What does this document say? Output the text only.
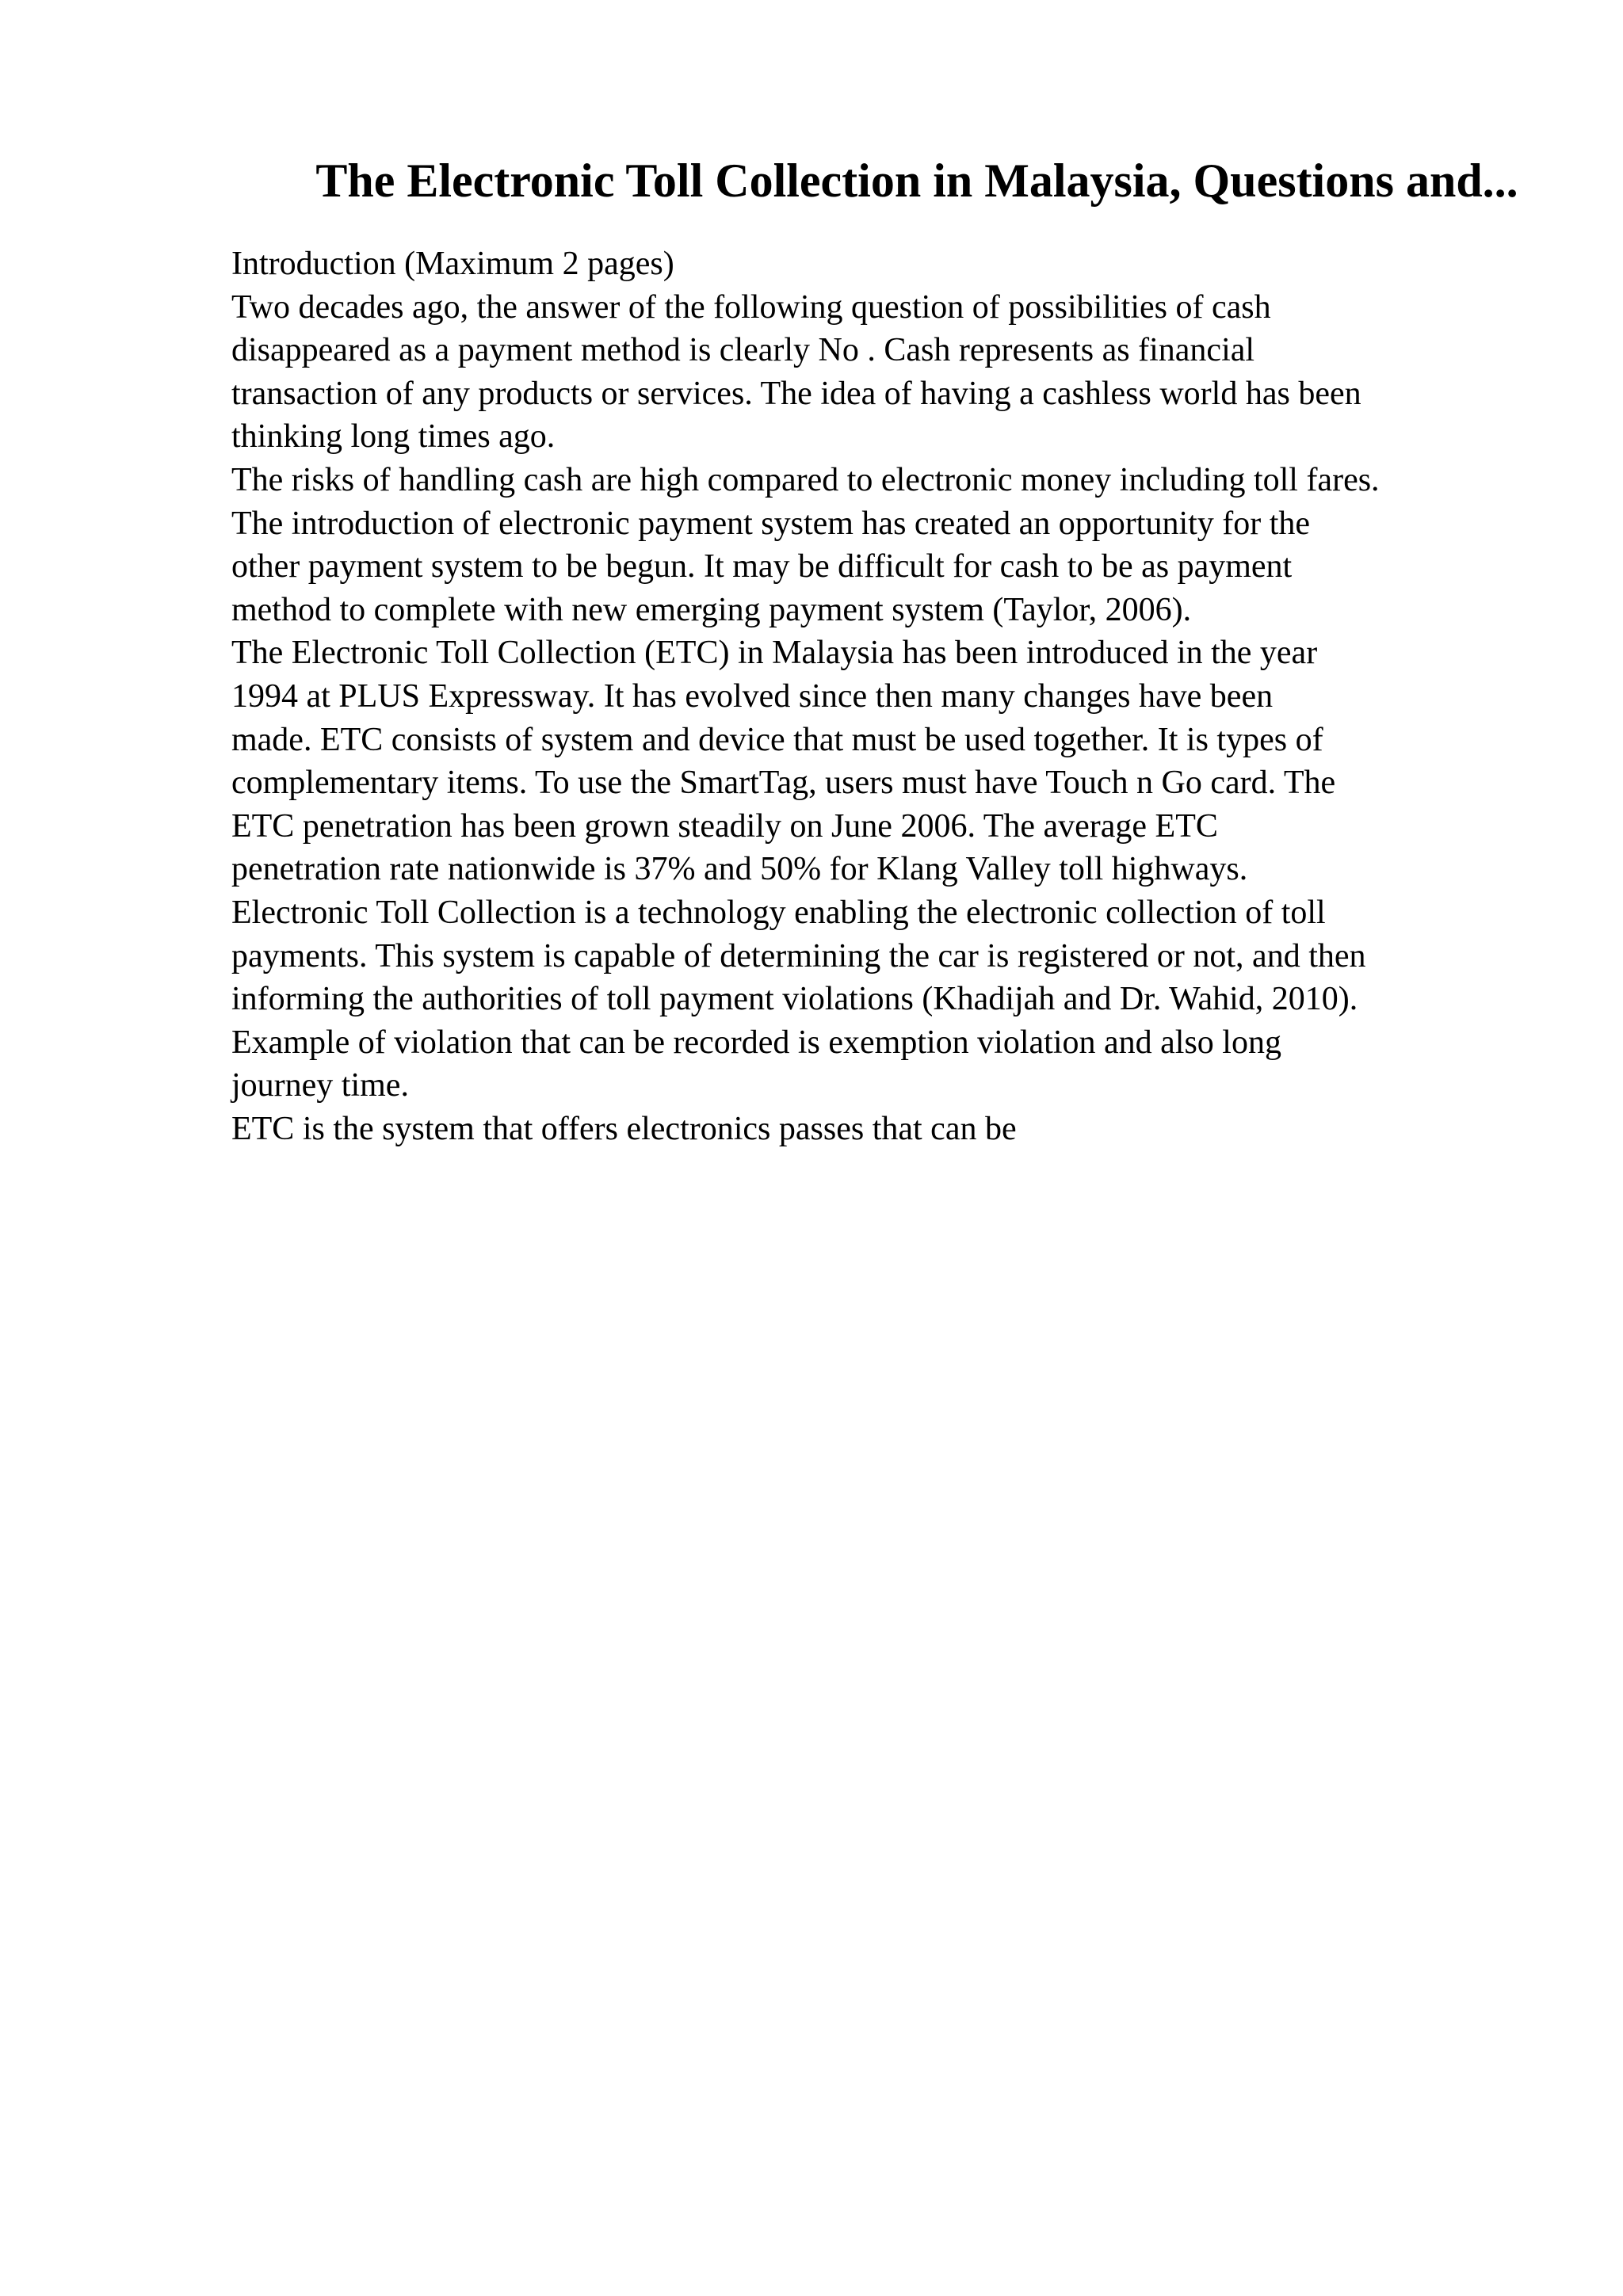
The Electronic Toll Collection in Malaysia, Questions and...
Introduction (Maximum 2 pages)
Two decades ago, the answer of the following question of possibilities of cash
disappeared as a payment method is clearly No . Cash represents as financial
transaction of any products or services. The idea of having a cashless world has been
thinking long times ago.
The risks of handling cash are high compared to electronic money including toll fares.
The introduction of electronic payment system has created an opportunity for the
other payment system to be begun. It may be difficult for cash to be as payment
method to complete with new emerging payment system (Taylor, 2006).
The Electronic Toll Collection (ETC) in Malaysia has been introduced in the year
1994 at PLUS Expressway. It has evolved since then many changes have been
made. ETC consists of system and device that must be used together. It is types of
complementary items. To use the SmartTag, users must have Touch n Go card. The
ETC penetration has been grown steadily on June 2006. The average ETC
penetration rate nationwide is 37% and 50% for Klang Valley toll highways.
Electronic Toll Collection is a technology enabling the electronic collection of toll
payments. This system is capable of determining the car is registered or not, and then
informing the authorities of toll payment violations (Khadijah and Dr. Wahid, 2010).
Example of violation that can be recorded is exemption violation and also long
journey time.
ETC is the system that offers electronics passes that can be
